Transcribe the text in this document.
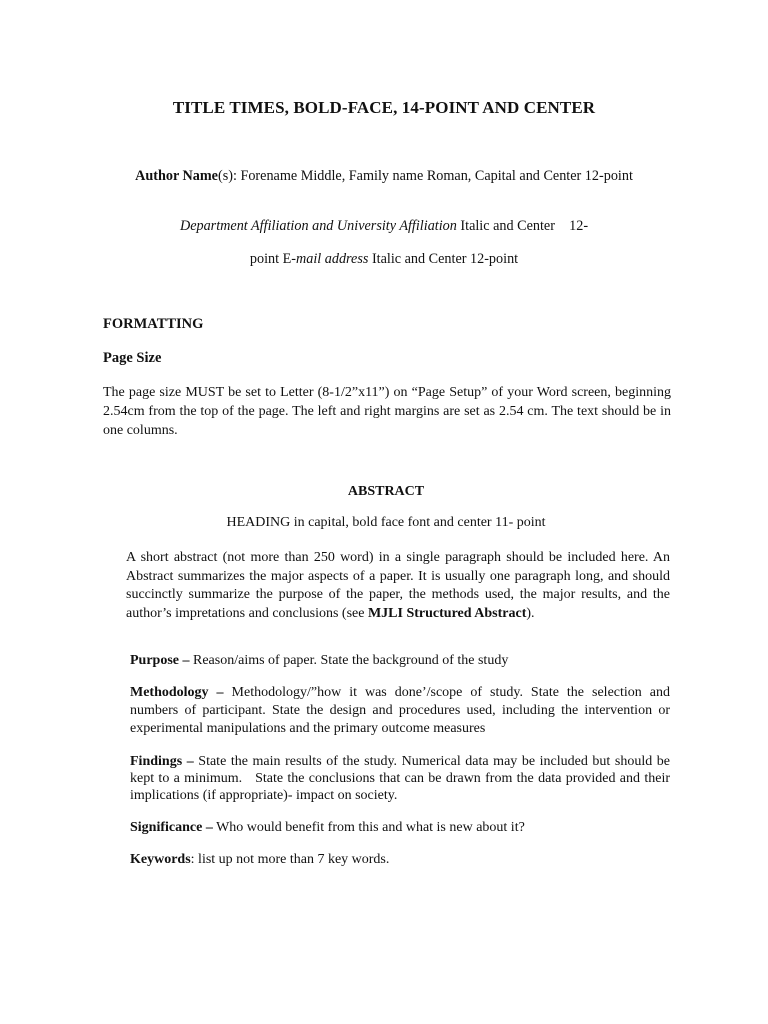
TITLE TIMES, BOLD-FACE, 14-POINT AND CENTER
Author Name(s): Forename Middle, Family name Roman, Capital and Center 12-point
Department Affiliation and University Affiliation Italic and Center    12-
point E-mail address Italic and Center 12-point
FORMATTING
Page Size
The page size MUST be set to Letter (8-1/2”x11”) on “Page Setup” of your Word screen, beginning 2.54cm from the top of the page. The left and right margins are set as 2.54 cm. The text should be in one columns.
ABSTRACT
HEADING in capital, bold face font and center 11- point
A short abstract (not more than 250 word) in a single paragraph should be included here. An Abstract summarizes the major aspects of a paper. It is usually one paragraph long, and should succinctly summarize the purpose of the paper, the methods used, the major results, and the author’s impretations and conclusions (see MJLI Structured Abstract).
Purpose – Reason/aims of paper. State the background of the study
Methodology – Methodology/”how it was done’/scope of study. State the selection and numbers of participant. State the design and procedures used, including the intervention or experimental manipulations and the primary outcome measures
Findings – State the main results of the study. Numerical data may be included but should be kept to a minimum.   State the conclusions that can be drawn from the data provided and their implications (if appropriate)- impact on society.
Significance – Who would benefit from this and what is new about it?
Keywords: list up not more than 7 key words.
